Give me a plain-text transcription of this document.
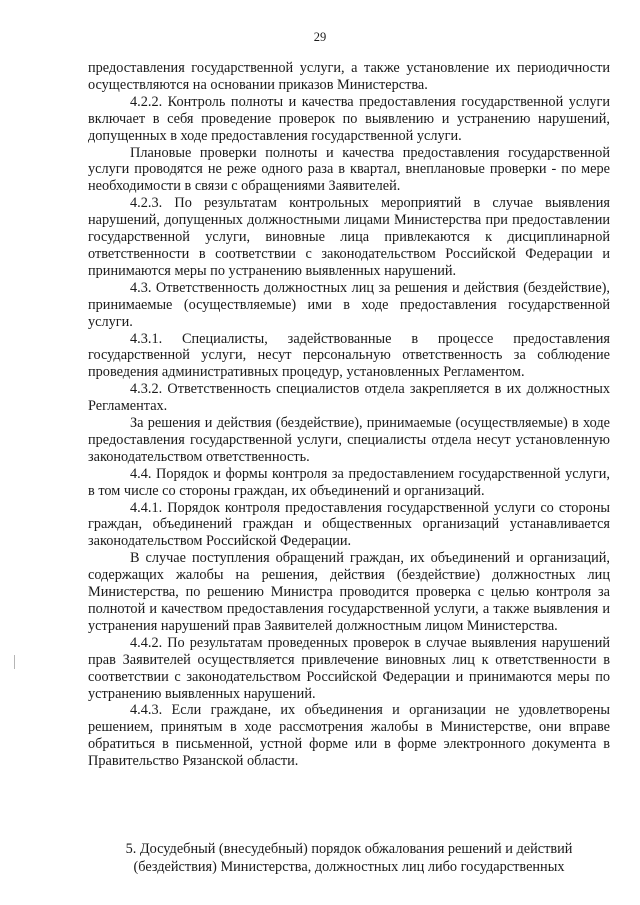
29

предоставления государственной услуги, а также установление их периодичности осуществляются на основании приказов Министерства.

4.2.2. Контроль полноты и качества предоставления государственной услуги включает в себя проведение проверок по выявлению и устранению нарушений, допущенных в ходе предоставления государственной услуги.

Плановые проверки полноты и качества предоставления государственной услуги проводятся не реже одного раза в квартал, внеплановые проверки - по мере необходимости в связи с обращениями Заявителей.

4.2.3. По результатам контрольных мероприятий в случае выявления нарушений, допущенных должностными лицами Министерства при предоставлении государственной услуги, виновные лица привлекаются к дисциплинарной ответственности в соответствии с законодательством Российской Федерации и принимаются меры по устранению выявленных нарушений.

4.3. Ответственность должностных лиц за решения и действия (бездействие), принимаемые (осуществляемые) ими в ходе предоставления государственной услуги.

4.3.1. Специалисты, задействованные в процессе предоставления государственной услуги, несут персональную ответственность за соблюдение проведения административных процедур, установленных Регламентом.

4.3.2. Ответственность специалистов отдела закрепляется в их должностных Регламентах.

За решения и действия (бездействие), принимаемые (осуществляемые) в ходе предоставления государственной услуги, специалисты отдела несут установленную законодательством ответственность.

4.4. Порядок и формы контроля за предоставлением государственной услуги, в том числе со стороны граждан, их объединений и организаций.

4.4.1. Порядок контроля предоставления государственной услуги со стороны граждан, объединений граждан и общественных организаций устанавливается законодательством Российской Федерации.

В случае поступления обращений граждан, их объединений и организаций, содержащих жалобы на решения, действия (бездействие) должностных лиц Министерства, по решению Министра проводится проверка с целью контроля за полнотой и качеством предоставления государственной услуги, а также выявления и устранения нарушений прав Заявителей должностным лицом Министерства.

4.4.2. По результатам проведенных проверок в случае выявления нарушений прав Заявителей осуществляется привлечение виновных лиц к ответственности в соответствии с законодательством Российской Федерации и принимаются меры по устранению выявленных нарушений.

4.4.3. Если граждане, их объединения и организации не удовлетворены решением, принятым в ходе рассмотрения жалобы в Министерстве, они вправе обратиться в письменной, устной форме или в форме электронного документа в Правительство Рязанской области.

5. Досудебный (внесудебный) порядок обжалования решений и действий (бездействия) Министерства, должностных лиц либо государственных
